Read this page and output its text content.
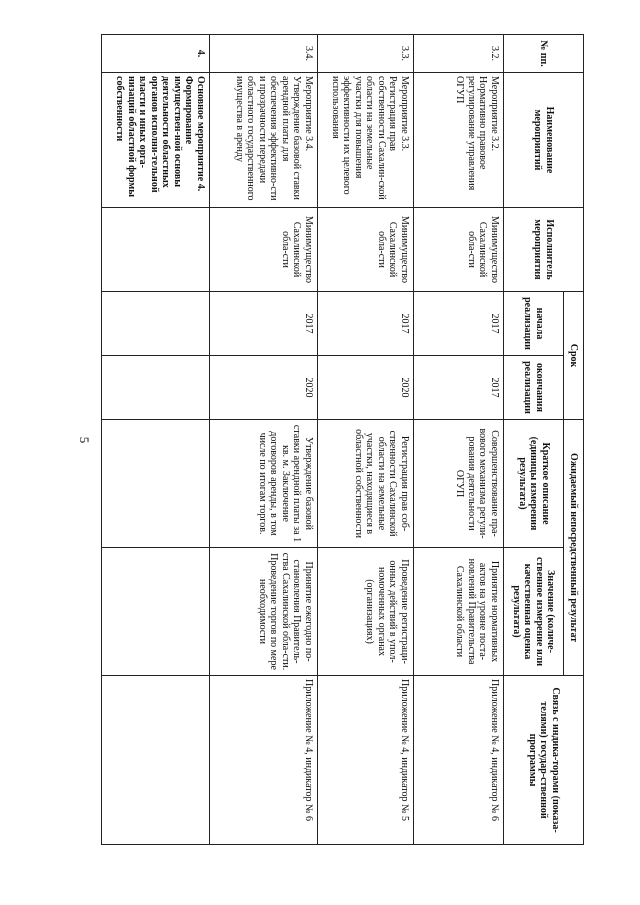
5
№ пп.	Наименование мероприятий	Исполнитель мероприятия	Срок		Ожидаемый непосредственный результат		Связь с индика-торами (показа-телями) государ-ственной программы
			начала реализации	окончания реализации	Краткое описание (единицы измерения результата)	Значение (количе-ственное измерение или качественная оценка результата)	

3.2.	Мероприятие 3.2. Нормативно правовое регулирование управления ОГУП	Минимущество Сахалинской обла-сти	2017	2017	Совершенствование пра-вового механизма регули-рования деятельности ОГУП	Принятие нормативных актов на уровне поста-новлений Правительства Сахалинской области	Приложение № 4, индикатор № 6
3.3.	Мероприятие 3.3. Регистрация прав собственности Сахалин-ской области на земельные участки для повышения эффективности их целевого использования	Минимущество Сахалинской обла-сти	2017	2020	Регистрация прав соб-ственности Сахалинской области на земельные участки, находящиеся в областной собственности	Проведение регистраци-онных действий в упол-номоченных органах (организациях)	Приложение № 4, индикатор № 5
3.4.	Мероприятие 3.4. Утверждение базовой ставки арендной платы для обеспечения эффективно-сти и прозрачности передачи областного государственного имущества в аренду	Минимущество Сахалинской обла-сти	2017	2020	Утверждение базовой ставки арендной платы за 1 кв. м. Заключение договоров аренды, в том числе по итогам торгов.	Принятие ежегодно по-становления Правитель-ства Сахалинской обла-сти. Проведение торгов по мере необходимости	Приложение № 4, индикатор № 6
4.	Основное мероприятие 4. Формирование имуществен-ной основы деятельности областных органов исполни-тельной власти и иных орга-низаций областной формы собственности						
